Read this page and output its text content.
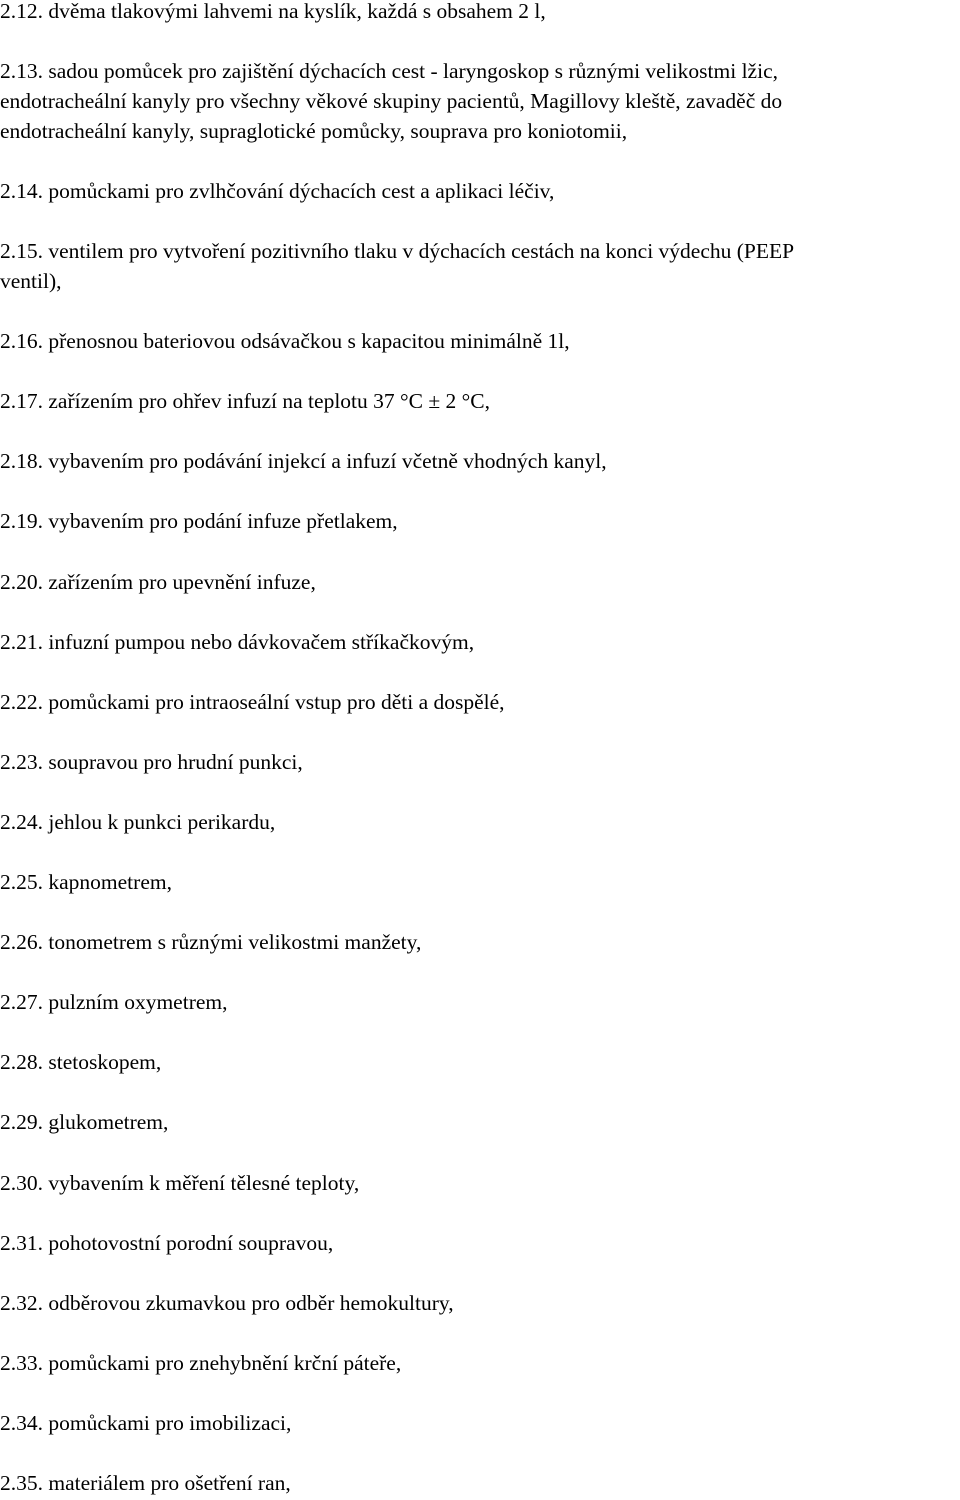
2.12. dvěma tlakovými lahvemi na kyslík, každá s obsahem 2 l,
2.13. sadou pomůcek pro zajištění dýchacích cest - laryngoskop s různými velikostmi lžic,
endotracheální kanyly pro všechny věkové skupiny pacientů, Magillovy kleště, zavaděč do
endotracheální kanyly, supraglotické pomůcky, souprava pro koniotomii,
2.14. pomůckami pro zvlhčování dýchacích cest a aplikaci léčiv,
2.15. ventilem pro vytvoření pozitivního tlaku v dýchacích cestách na konci výdechu (PEEP
ventil),
2.16. přenosnou bateriovou odsávačkou s kapacitou minimálně 1l,
2.17. zařízením pro ohřev infuzí na teplotu 37 °C ± 2 °C,
2.18. vybavením pro podávání injekcí a infuzí včetně vhodných kanyl,
2.19. vybavením pro podání infuze přetlakem,
2.20. zařízením pro upevnění infuze,
2.21. infuzní pumpou nebo dávkovačem stříkačkovým,
2.22. pomůckami pro intraoseální vstup pro děti a dospělé,
2.23. soupravou pro hrudní punkci,
2.24. jehlou k punkci perikardu,
2.25. kapnometrem,
2.26. tonometrem s různými velikostmi manžety,
2.27. pulzním oxymetrem,
2.28. stetoskopem,
2.29. glukometrem,
2.30. vybavením k měření tělesné teploty,
2.31. pohotovostní porodní soupravou,
2.32. odběrovou zkumavkou pro odběr hemokultury,
2.33. pomůckami pro znehybnění krční páteře,
2.34. pomůckami pro imobilizaci,
2.35. materiálem pro ošetření ran,
